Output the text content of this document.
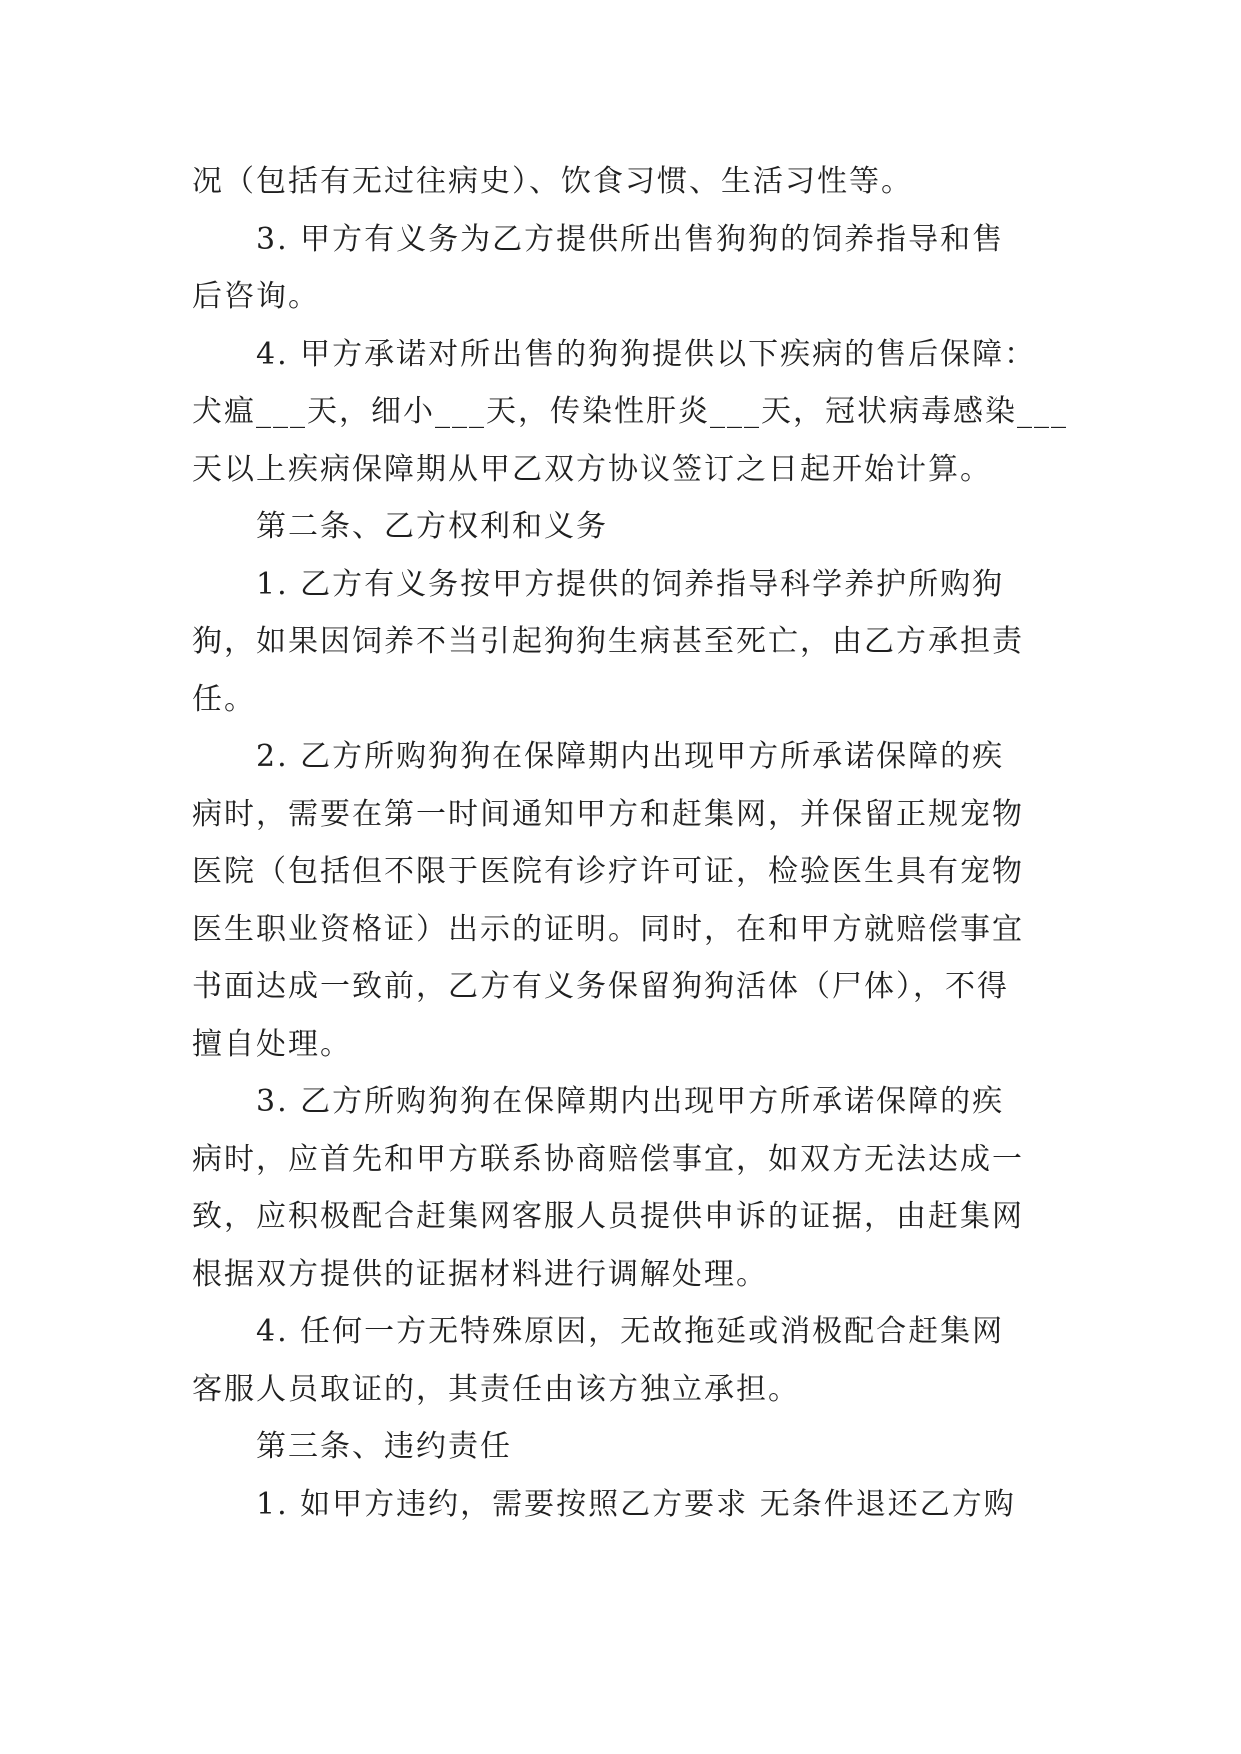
况（包括有无过往病史）、饮食习惯、生活习性等。
3. 甲方有义务为乙方提供所出售狗狗的饲养指导和售
后咨询。
4. 甲方承诺对所出售的狗狗提供以下疾病的售后保障：
犬瘟___天，细小___天，传染性肝炎___天，冠状病毒感染___
天以上疾病保障期从甲乙双方协议签订之日起开始计算。
第二条、乙方权利和义务
1. 乙方有义务按甲方提供的饲养指导科学养护所购狗
狗，如果因饲养不当引起狗狗生病甚至死亡，由乙方承担责
任。
2. 乙方所购狗狗在保障期内出现甲方所承诺保障的疾
病时，需要在第一时间通知甲方和赶集网，并保留正规宠物
医院（包括但不限于医院有诊疗许可证，检验医生具有宠物
医生职业资格证）出示的证明。同时，在和甲方就赔偿事宜
书面达成一致前，乙方有义务保留狗狗活体（尸体），不得
擅自处理。
3. 乙方所购狗狗在保障期内出现甲方所承诺保障的疾
病时，应首先和甲方联系协商赔偿事宜，如双方无法达成一
致，应积极配合赶集网客服人员提供申诉的证据，由赶集网
根据双方提供的证据材料进行调解处理。
4. 任何一方无特殊原因，无故拖延或消极配合赶集网
客服人员取证的，其责任由该方独立承担。
第三条、违约责任
1. 如甲方违约，需要按照乙方要求 无条件退还乙方购
